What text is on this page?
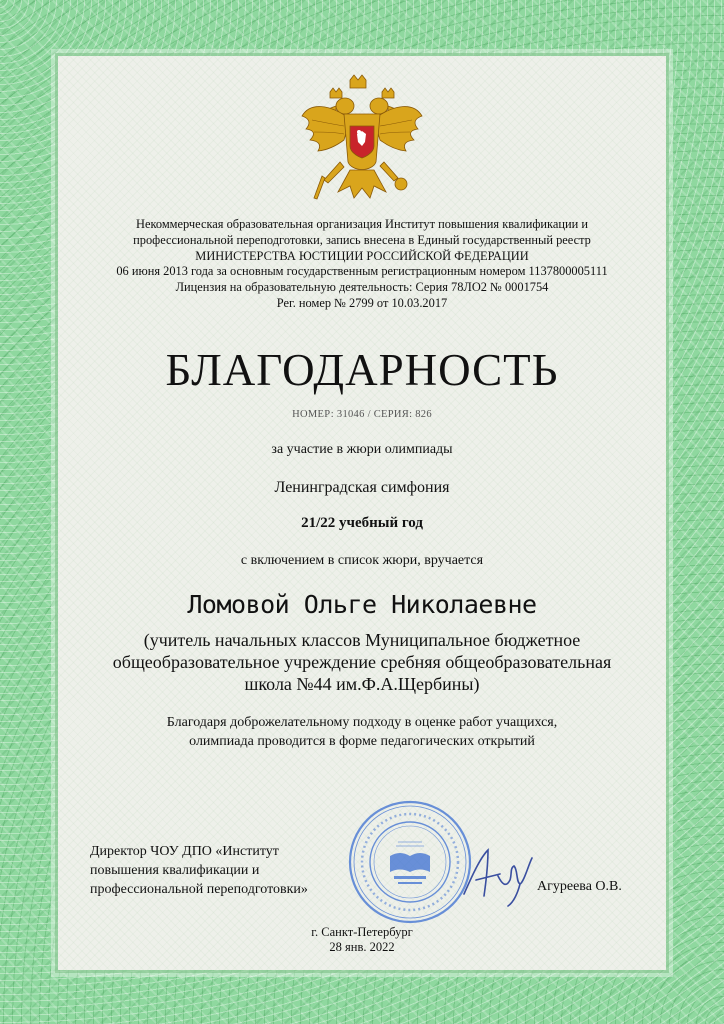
Некоммерческая образовательная организация Институт повышения квалификации и
профессиональной переподготовки, запись внесена в Единый государственный реестр
МИНИСТЕРСТВА ЮСТИЦИИ РОССИЙСКОЙ ФЕДЕРАЦИИ
06 июня 2013 года за основным государственным регистрационным номером 1137800005111
Лицензия на образовательную деятельность: Серия 78ЛО2 № 0001754
Рег. номер № 2799 от 10.03.2017
БЛАГОДАРНОСТЬ
НОМЕР: 31046 / СЕРИЯ: 826
за участие в жюри олимпиады
Ленинградская симфония
21/22 учебный год
с включением в список жюри, вручается
Ломовой Ольге Николаевне
(учитель начальных классов Муниципальное бюджетное
общеобразовательное учреждение сребняя общеобразовательная
школа №44 им.Ф.А.Щербины)
Благодаря доброжелательному подходу в оценке работ учащихся,
олимпиада проводится в форме педагогических открытий
Директор ЧОУ ДПО «Институт
повышения квалификации и
профессиональной переподготовки»	Агуреева О.В.
г. Санкт-Петербург
28 янв. 2022
